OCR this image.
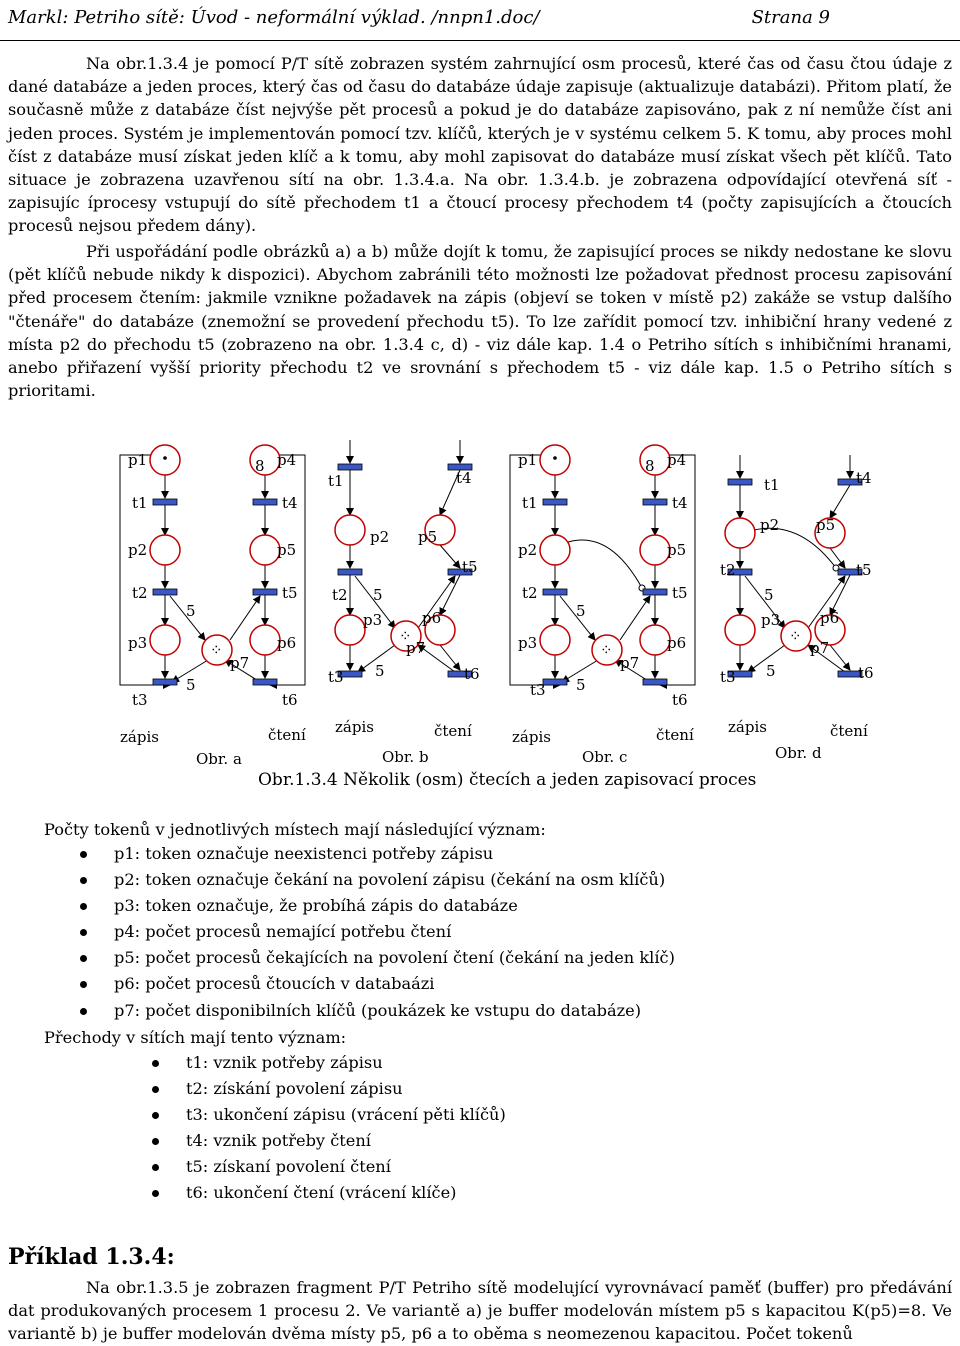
Markl: Petriho sítě: Úvod - neformální výklad. /nnpn1.doc/	Strana 9
Na obr.1.3.4 je pomocí P/T sítě zobrazen systém zahrnující osm procesů, které čas od času čtou údaje z dané databáze a jeden proces, který čas od času do databáze údaje zapisuje (aktualizuje databázi). Přitom platí, že současně může z databáze číst nejvýše pět procesů a pokud je do databáze zapisováno, pak z ní nemůže číst ani jeden proces. Systém je implementován pomocí tzv. klíčů, kterých je v systému celkem 5. K tomu, aby proces mohl číst z databáze musí získat jeden klíč a k tomu, aby mohl zapisovat do databáze musí získat všech pět klíčů. Tato situace je zobrazena uzavřenou sítí na obr. 1.3.4.a. Na obr. 1.3.4.b. je zobrazena odpovídající otevřená síť - zapisujíc íprocesy vstupují do sítě přechodem t1 a čtoucí procesy přechodem t4 (počty zapisujících a čtoucích procesů nejsou předem dány).
Při uspořádání podle obrázků a) a b) může dojít k tomu, že zapisující proces se nikdy nedostane ke slovu (pět klíčů nebude nikdy k dispozici). Abychom zabránili této možnosti lze požadovat přednost procesu zapisování před procesem čtením: jakmile vznikne požadavek na zápis (objeví se token v místě p2) zakáže se vstup dalšího "čtenáře" do databáze (znemožní se provedení přechodu t5). To lze zařídit pomocí tzv. inhibiční hrany vedené z místa p2 do přechodu t5 (zobrazeno na obr. 1.3.4 c, d) - viz dále kap. 1.4 o Petriho sítích s inhibičními hranami, anebo přiřazení vyšší priority přechodu t2 ve srovnání s přechodem t5 - viz dále kap. 1.5 o Petriho sítích s prioritami.
⁘
p1
t1
p2
t2
p3
t3
8 p4
t4
p5
t5
p6
t6
p7
5
5
zápis	čtení
Obr. a
⁘
t1
p2
t2
p3
t3
t4
p5
t5
p6
p7
t6
5
5
zápis	čtení
Obr. b
⁘
p1
t1
p2
t2
p3
t3
8 p4
t4
p5
t5
p6
t6
p7
5
5
zápis	čtení
Obr. c
⁘
t1
p2
t2
p3
t3
t4
p5
t5
p6
p7
t6
5
5
zápis	čtení
Obr. d
Obr.1.3.4 Několik (osm) čtecích a jeden zapisovací proces
Počty tokenů v jednotlivých místech mají následující význam:
p1: token označuje neexistenci potřeby zápisu
p2: token označuje čekání na povolení zápisu (čekání na osm klíčů)
p3: token označuje, že probíhá zápis do databáze
p4: počet procesů nemající potřebu čtení
p5: počet procesů čekajících na povolení čtení (čekání na jeden klíč)
p6: počet procesů čtoucích v databaázi
p7: počet disponibilních klíčů (poukázek ke vstupu do databáze)
Přechody v sítích mají tento význam:
t1: vznik potřeby zápisu
t2: získání povolení zápisu
t3: ukončení zápisu (vrácení pěti klíčů)
t4: vznik potřeby čtení
t5: získaní povolení čtení
t6: ukončení čtení (vrácení klíče)
Příklad 1.3.4:
Na obr.1.3.5 je zobrazen fragment P/T Petriho sítě modelující vyrovnávací paměť (buffer) pro předávání dat produkovaných procesem 1 procesu 2. Ve variantě a) je buffer modelován místem p5 s kapacitou K(p5)=8. Ve variantě b) je buffer modelován dvěma místy p5, p6 a to oběma s neomezenou kapacitou. Počet tokenů
